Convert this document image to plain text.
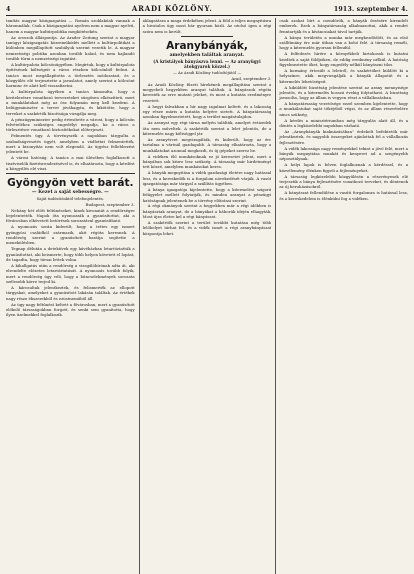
4	ARADI KÖZLÖNY.	1913. szeptember 4.

tanítás magyar közigazgatási — Román szoklakúak vannak a háromnálak. Csak a közigazgatási nyelven nem a magyar nyelvű, hanem a magyar kultúrpolitika megkötésekén.

Az oroszok álláspontja. Az Arader Zeitung szerint a magyar tanügyi közigazgatás közreműködés mellett a kultúrpolitikát a különben megállapított szabályok szerint vezetik le. A magyar nemzetiségi politika azonban tovább halad, és nem hajlandó tovább tűrni a nemzetiségi izgatást.

A kultúrpalota kölcsönügyében. Megírtuk, hogy a kultúrpalota építésének költségeit a város részben kölcsönből fedezi. A tanács most megállapította a törlesztés módozatait, és a közgyűlés elé terjesztette a javaslatot, amely szerint a kölcsönt harminc év alatt kell visszafizetni.

A kultúrpalota ügyében a tanács kimondta, hogy a kivitelezésre vonatkozó tervezeteket sürgősen elkészítteti, mert a munkálatokat még az ősz folyamán meg kell kezdeni. A belügyminiszter a tervet jóváhagyta, és kikötötte, hogy a terveket a szakértők bizottsága vizsgálja meg.

A pénzügyminiszter pedig értesítette a várost, hogy a kölcsön felvételéhez szükséges engedélyt megadja, ha a város a törlesztésre vonatkozó biztosítékokat előterjeszti.

Felmentés ügy. A törvényszék a napokban tárgyalta a szabadságvesztés ügyét, amelyben a vádlottat felmentették, mert a bizonyítás nem volt elegendő. Az ügyész fellebbezést jelentett be.

A városi hatóság. A tanács a mai ülésében foglalkozott a tisztviselők fizetésrendezésével is, és elhatározta, hogy a kérdést a közgyűlés elé viszi.

Gyöngyön vett barát.
— Kezet a saját sebességre. —
Saját tudósítónktól telefonjelentés.

Budapest, szeptember 3.

Nehány hét előtt feltűnéseket, kinek kivonatát a rendőrségre bejelentették. Napok óta nyomozzák a gyanúsítottat, aki a fővárosban elkövetett betörések sorozatával gyanúsítható.

A nyomozás során kiderült, hogy a tettes egy ismert gyöngyösi családból származik, akit régóta keresnek. A rendőrség szerint a gyanúsított barátja segítette a menekülésben.

Tegnap délután a detektívek egy kávéházban letartóztatták a gyanúsítottat, aki beismerte, hogy több helyen követett el lopást, de tagadta, hogy társai lettek volna.

A kihallgatás után a rendőrség a vizsgálóbírónak adta át, aki elrendelte előzetes letartóztatását. A nyomozás tovább folyik, mert a rendőrség úgy véli, hogy a bűncselekmények sorozata szélesebb körre terjed ki.

A károsultak jelentkeztek, és felismerték az ellopott tárgyakat, amelyeket a gyanúsított lakásán találtak. Az értékek nagy része ékszerekből és ezüstneműből áll.

Az ügy nagy feltűnést keltett a fővárosban, mert a gyanúsított előkelő társaságokban forgott, és senki sem gyanította, hogy ilyen üzelmekkel foglalkozik.

aklagatásra a maga érdekében jelent. A föld a teljes megnyitásra a hivatalos ügy most bár gyorsan közli. Az utolsó igen a régi szóra nem is került.

Aranybányák,
amelyekben találtak aranyat.
(A kristályok bányászva lenni. — Az aranyügyi átokgyarok közzel.)
— Az Aradi Közlöny tudósítójától —

Arad, szeptember 3.

Az Aradi Közlöny fűzeti hírekének megállapítása szerint a megyebeli hegyekben aranyat találtak. A bányászok régóta keresték az erre mutató jeleket, és most a kutatás eredményre vezetett.

A hegyi falvakban a hír nagy izgalmat keltett, és a lakosság egy része máris a kutatás helyére sietett. A bányatársaság azonban figyelmeztetett, hogy a terület magántulajdon.

Az aranyat egy régi tárna mélyén találták, amelyet évtizedek óta nem műveltek. A szakértők szerint a lelet jelentős, de a kitermelés nagy költséggel jár.

Az aranyércet megvizsgálták, és kiderült, hogy az érc tartalma a vártnál gazdagabb. A társaság elhatározta, hogy a munkálatokat azonnal megkezdi, és új gépeket szerez be.

A vidéken élő munkásoknak ez jó keresetet jelent, mert a bányában sok kézre lesz szükség. A társaság már hirdetményt tett közzé, amelyben munkásokat keres.

A bányák megnyitása a vidék gazdasági életére nagy hatással lesz, és a kereskedők is a forgalom növekedését várják. A vasút igazgatósága már tárgyal a szállítás ügyében.

A bánya igazgatója kijelentette, hogy a kitermelést szigorú felügyelet mellett folytatják, és minden aranyat a pénzügyi hatóságnak jelentenek be a törvény előírásai szerint.

A régi okmányok szerint a hegyekben már a régi időkben is bányásztak aranyat, de a bányákat a háborúk idején elhagyták. Most újra életre kel a régi bányászat.

A szakértők szerint a terület további kutatása még több lelőhelyet tárhat fel, és a vidék ismét a régi aranybányászat központja lehet.

csak azokat bírt a csendőrök, a bányák őrzésére kirendelt emberek. Ezek a bányatársaság alkalmazottai, akik a rendet fenntartják és a kíváncsiakat távol tartják.

A bánya területén a munka már megkezdődött, és az első szállítmány érc már útban van a kohó felé. A társaság reméli, hogy a kitermelés gyorsan fellendül.

A felfedezés hírére a környékbeli birtokosok is kutatni kezdtek a saját földjeiken, de eddig eredmény nélkül. A hatóság figyelmeztette őket, hogy engedély nélkül bányászni tilos.

A kormány értesült a leletről, és szakértőket küldött ki a helyszínre, akik megvizsgálják a bányák állapotát és a kitermelés lehetőségeit.

A kiküldött bizottság jelentése szerint az arany mennyisége jelentős, és a kitermelés hosszú évekig folytatható. A bizottság javasolta, hogy az állam is vegyen részt a vállalkozásban.

A bányatársaság vezetősége ezzel szemben kijelentette, hogy a munkálatokat saját tőkéjéből végzi, és az állam részvételére nincs szükség.

A kérdés a minisztériumban még tárgyalás alatt áll, és a döntés a legközelebbi napokban várható.

Az „Aranybányák kiaknázásában” érdekelt befektetők már jelentkeztek, és nagyobb összegeket ajánlottak fel a vállalkozás fejlesztésére.

A vidék lakossága nagy reményekkel tekint a jövő felé, mert a bányák megnyitása munkát és kenyeret ad a szegényebb néposztálynak.

A helyi lapok is bőven foglalkoznak a kérdéssel, és a közvélemény élénken figyeli a fejleményeket.

A társaság legközelebbi közgyűlésén a részvényesek elé terjesztik a bánya fejlesztésére vonatkozó terveket, és döntenek az új beruházásokról.

A bányászat fellendülése a vasúti forgalomra is hatással lesz, és a kereskedelem is élénkülni fog a vidéken.
